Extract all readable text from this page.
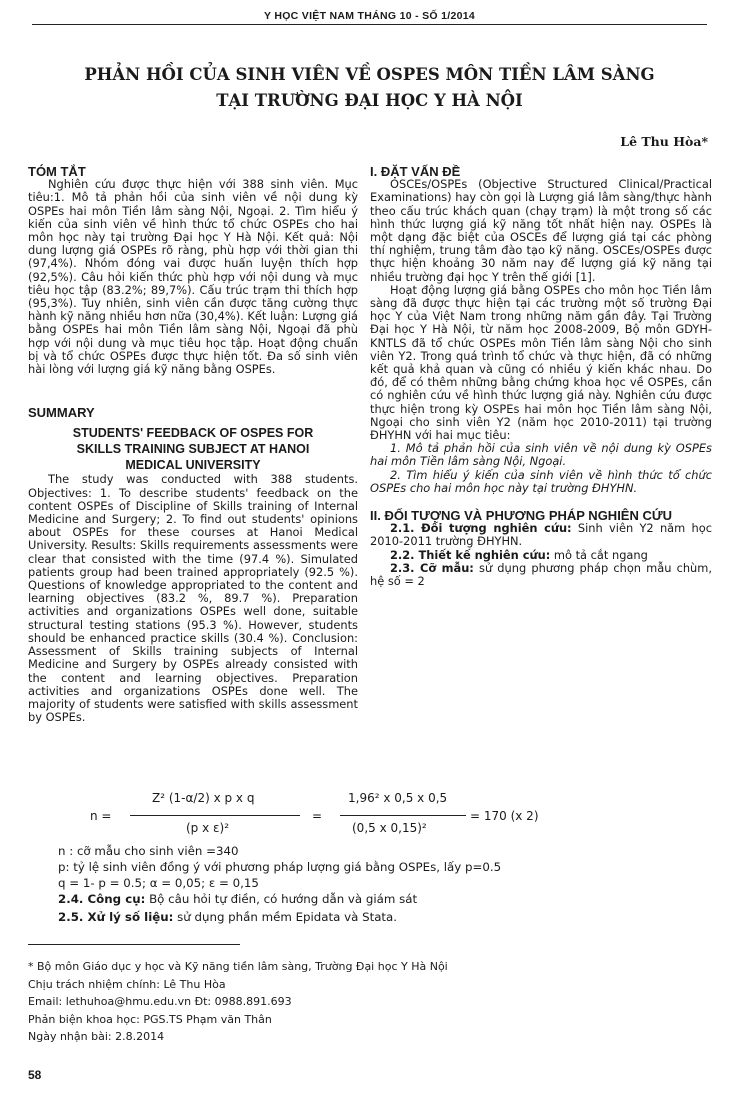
Y HỌC VIỆT NAM THÁNG 10 - SỐ 1/2014
PHẢN HỒI CỦA SINH VIÊN VỀ OSPES MÔN TIỀN LÂM SÀNG
TẠI TRƯỜNG ĐẠI HỌC Y HÀ NỘI
Lê Thu Hòa*

TÓM TẮT

Nghiên cứu được thực hiện với 388 sinh viên. Mục tiêu:1. Mô tả phản hồi của sinh viên về nội dung kỳ OSPEs hai môn Tiền lâm sàng Nội, Ngoại. 2. Tìm hiểu ý kiến của sinh viên về hình thức tổ chức OSPEs cho hai môn học này tại trường Đại học Y Hà Nội. Kết quả: Nội dung lượng giá OSPEs rõ ràng, phù hợp với thời gian thi (97,4%). Nhóm đóng vai được huấn luyện thích hợp (92,5%). Câu hỏi kiến thức phù hợp với nội dung và mục tiêu học tập (83.2%; 89,7%). Cấu trúc trạm thi thích hợp (95,3%). Tuy nhiên, sinh viên cần được tăng cường thực hành kỹ năng nhiều hơn nữa (30,4%). Kết luận: Lượng giá bằng OSPEs hai môn Tiền lâm sàng Nội, Ngoại đã phù hợp với nội dung và mục tiêu học tập. Hoạt động chuẩn bị và tổ chức OSPEs được thực hiện tốt. Đa số sinh viên hài lòng với lượng giá kỹ năng bằng OSPEs.

SUMMARY

STUDENTS' FEEDBACK OF OSPES FOR
SKILLS TRAINING SUBJECT AT HANOI
MEDICAL UNIVERSITY

The study was conducted with 388 students. Objectives: 1. To describe students' feedback on the content OSPEs of Discipline of Skills training of Internal Medicine and Surgery; 2. To find out students' opinions about OSPEs for these courses at Hanoi Medical University. Results: Skills requirements assessments were clear that consisted with the time (97.4 %). Simulated patients group had been trained appropriately (92.5 %). Questions of knowledge appropriated to the content and learning objectives (83.2 %, 89.7 %). Preparation activities and organizations OSPEs well done, suitable structural testing stations (95.3 %). However, students should be enhanced practice skills (30.4 %). Conclusion: Assessment of Skills training subjects of Internal Medicine and Surgery by OSPEs already consisted with the content and learning objectives. Preparation activities and organizations OSPEs done well. The majority of students were satisfied with skills assessment by OSPEs.

I. ĐẶT VẤN ĐỀ

OSCEs/OSPEs (Objective Structured Clinical/Practical Examinations) hay còn gọi là Lượng giá lâm sàng/thực hành theo cấu trúc khách quan (chạy trạm) là một trong số các hình thức lượng giá kỹ năng tốt nhất hiện nay. OSPEs là một dạng đặc biệt của OSCEs để lượng giá tại các phòng thí nghiệm, trung tâm đào tạo kỹ năng. OSCEs/OSPEs được thực hiện khoảng 30 năm nay để lượng giá kỹ năng tại nhiều trường đại học Y trên thế giới [1].

Hoạt động lượng giá bằng OSPEs cho môn học Tiền lâm sàng đã được thực hiện tại các trường một số trường Đại học Y của Việt Nam trong những năm gần đây. Tại Trường Đại học Y Hà Nội, từ năm học 2008-2009, Bộ môn GDYH-KNTLS đã tổ chức OSPEs môn Tiền lâm sàng Nội cho sinh viên Y2. Trong quá trình tổ chức và thực hiện, đã có những kết quả khả quan và cũng có nhiều ý kiến khác nhau. Do đó, để có thêm những bằng chứng khoa học về OSPEs, cần có nghiên cứu về hình thức lượng giá này. Nghiên cứu được thực hiện trong kỳ OSPEs hai môn học Tiền lâm sàng Nội, Ngoại cho sinh viên Y2 (năm học 2010-2011) tại trường ĐHYHN với hai mục tiêu:

1. Mô tả phản hồi của sinh viên về nội dung kỳ OSPEs hai môn Tiền lâm sàng Nội, Ngoại.

2. Tìm hiểu ý kiến của sinh viên về hình thức tổ chức OSPEs cho hai môn học này tại trường ĐHYHN.

II. ĐỐI TƯỢNG VÀ PHƯƠNG PHÁP NGHIÊN CỨU

2.1. Đối tượng nghiên cứu: Sinh viên Y2 năm học 2010-2011 trường ĐHYHN.

2.2. Thiết kế nghiên cứu: mô tả cắt ngang

2.3. Cỡ mẫu: sử dụng phương pháp chọn mẫu chùm, hệ số = 2

n =
Z² (1-α/2) x p x q
(p x ε)²
=
1,96² x 0,5 x 0,5
(0,5 x 0,15)²
= 170 (x 2)
n : cỡ mẫu cho sinh viên =340
p: tỷ lệ sinh viên đồng ý với phương pháp lượng giá bằng OSPEs, lấy p=0.5
q = 1- p = 0.5; α = 0,05; ε = 0,15
2.4. Công cụ: Bộ câu hỏi tự điền, có hướng dẫn và giám sát
2.5. Xử lý số liệu: sử dụng phần mềm Epidata và Stata.
* Bộ môn Giáo dục y học và Kỹ năng tiền lâm sàng, Trường Đại học Y Hà Nội
Chịu trách nhiệm chính: Lê Thu Hòa
Email: lethuhoa@hmu.edu.vn Đt: 0988.891.693
Phản biện khoa học: PGS.TS Phạm văn Thân
Ngày nhận bài: 2.8.2014
58
